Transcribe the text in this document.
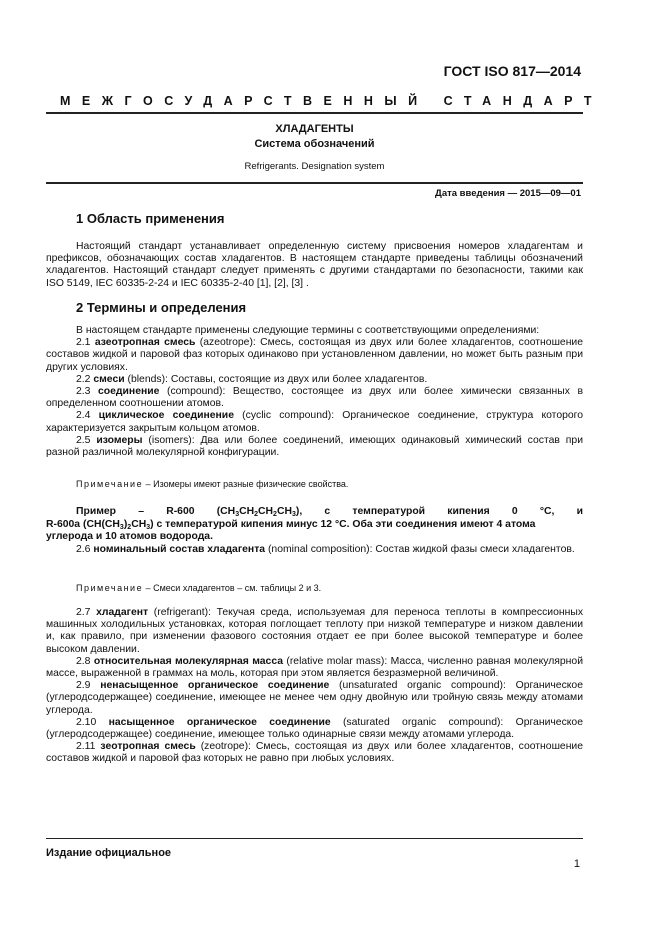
ГОСТ ISO 817—2014
МЕЖГОСУДАРСТВЕННЫЙ СТАНДАРТ
ХЛАДАГЕНТЫ
Система обозначений
Refrigerants. Designation system
Дата введения — 2015—09—01
1 Область применения

Настоящий стандарт устанавливает определенную систему присвоения номеров хладагентам и префиксов, обозначающих состав хладагентов. В настоящем стандарте приведены таблицы обозначений хладагентов. Настоящий стандарт следует применять с другими стандартами по безопасности, такими как ISO 5149, IEC 60335-2-24 и IEC 60335-2-40 [1], [2], [3] .

2 Термины и определения

В настоящем стандарте применены следующие термины с соответствующими определениями:

2.1 азеотропная смесь (azeotrope): Смесь, состоящая из двух или более хладагентов, соотношение составов жидкой и паровой фаз которых одинаково при установленном давлении, но может быть разным при других условиях.

2.2 смеси (blends): Составы, состоящие из двух или более хладагентов.

2.3 соединение (compound): Вещество, состоящее из двух или более химически связанных в определенном соотношении атомов.

2.4 циклическое соединение (cyclic compound): Органическое соединение, структура которого характеризуется закрытым кольцом атомов.

2.5 изомеры (isomers): Два или более соединений, имеющих одинаковый химический состав при разной различной молекулярной конфигурации.

Примечание – Изомеры имеют разные физические свойства.
Пример – R-600 $(CH_3CH_2CH_2CH_3)$, с температурой кипения 0 °С, и
R-600a $(CH(CH_3)_2CH_3)$ с температурой кипения минус 12 °С. Оба эти соединения имеют 4 атома
углерода и 10 атомов водорода.

2.6 номинальный состав хладагента (nominal composition): Состав жидкой фазы смеси хладагентов.

Примечание – Смеси хладагентов – см. таблицы 2 и 3.

2.7 хладагент (refrigerant): Текучая среда, используемая для переноса теплоты в компрессионных машинных холодильных установках, которая поглощает теплоту при низкой температуре и низком давлении и, как правило, при изменении фазового состояния отдает ее при более высокой температуре и более высоком давлении.

2.8 относительная молекулярная масса (relative molar mass): Масса, численно равная молекулярной массе, выраженной в граммах на моль, которая при этом является безразмерной величиной.

2.9 ненасыщенное органическое соединение (unsaturated organic compound): Органическое (углеродсодержащее) соединение, имеющее не менее чем одну двойную или тройную связь между атомами углерода.

2.10 насыщенное органическое соединение (saturated organic compound): Органическое (углеродсодержащее) соединение, имеющее только одинарные связи между атомами углерода.

2.11 зеотропная смесь (zeotrope): Смесь, состоящая из двух или более хладагентов, соотношение составов жидкой и паровой фаз которых не равно при любых условиях.

Издание официальное
1
